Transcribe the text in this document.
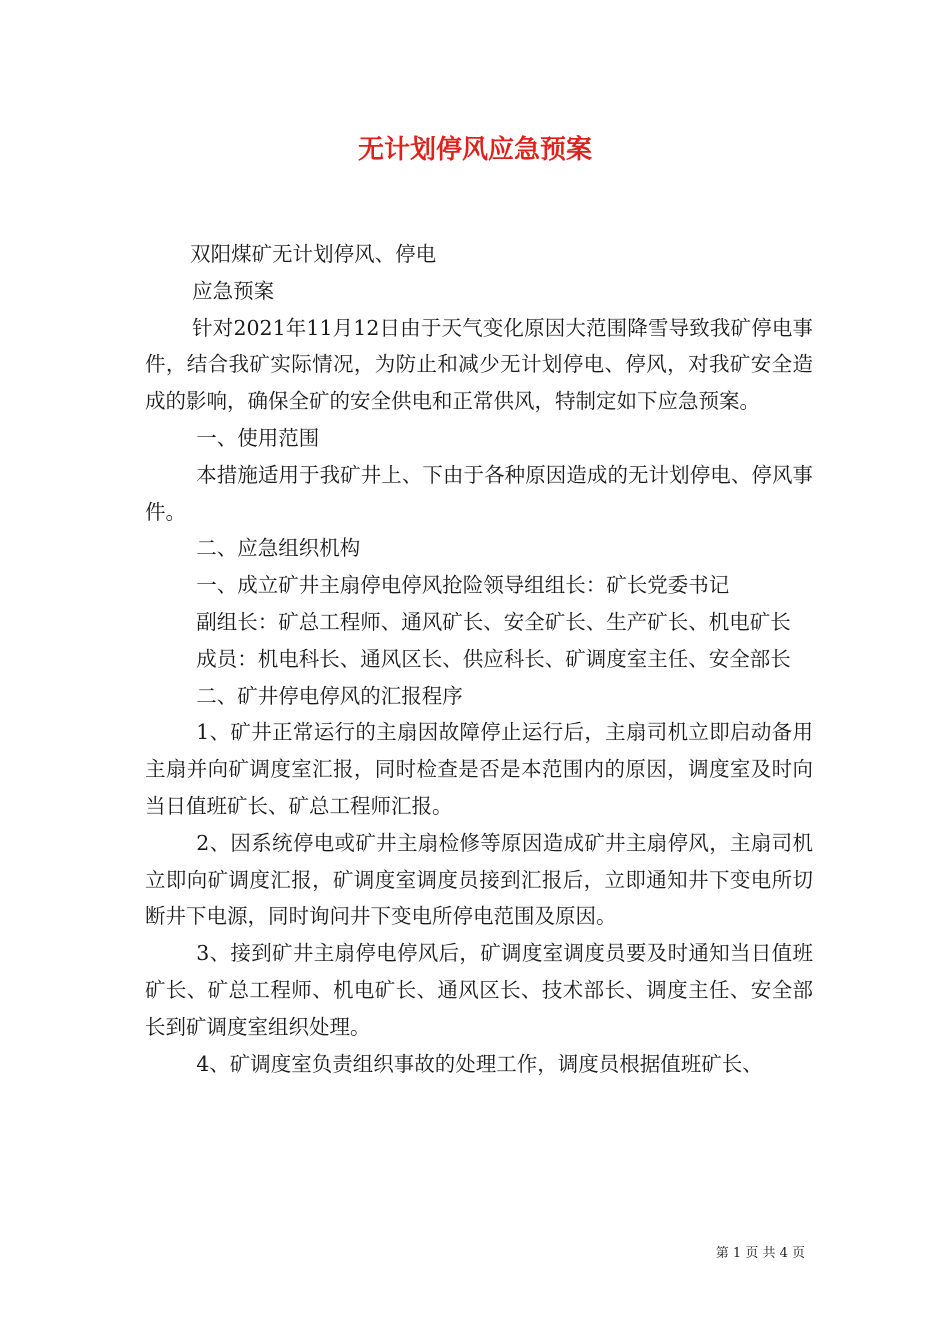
无计划停风应急预案

双阳煤矿无计划停风、停电

应急预案

针对2021年11月12日由于天气变化原因大范围降雪导致我矿停电事件，结合我矿实际情况，为防止和减少无计划停电、停风，对我矿安全造成的影响，确保全矿的安全供电和正常供风，特制定如下应急预案。

一、使用范围

本措施适用于我矿井上、下由于各种原因造成的无计划停电、停风事件。

二、应急组织机构

一、成立矿井主扇停电停风抢险领导组组长：矿长党委书记

副组长：矿总工程师、通风矿长、安全矿长、生产矿长、机电矿长

成员：机电科长、通风区长、供应科长、矿调度室主任、安全部长

二、矿井停电停风的汇报程序

1、矿井正常运行的主扇因故障停止运行后，主扇司机立即启动备用主扇并向矿调度室汇报，同时检查是否是本范围内的原因，调度室及时向当日值班矿长、矿总工程师汇报。

2、因系统停电或矿井主扇检修等原因造成矿井主扇停风，主扇司机立即向矿调度汇报，矿调度室调度员接到汇报后，立即通知井下变电所切断井下电源，同时询问井下变电所停电范围及原因。

3、接到矿井主扇停电停风后，矿调度室调度员要及时通知当日值班矿长、矿总工程师、机电矿长、通风区长、技术部长、调度主任、安全部长到矿调度室组织处理。

4、矿调度室负责组织事故的处理工作，调度员根据值班矿长、

第 1 页 共 4 页
